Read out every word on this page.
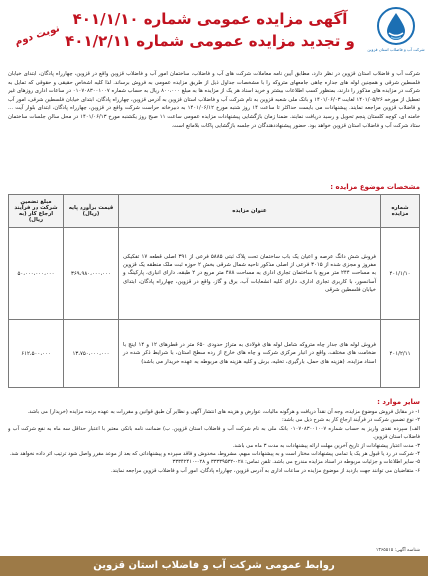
شرکت آب و فاضلاب استان قزوین
آگهی مزایده عمومی شماره ۴۰۱/۱/۱۰
و تجدید مزایده عمومی شماره ۴۰۱/۲/۱۱
نوبت دوم
شرکت آب و فاضلاب استان قزوین در نظر دارد، مطابق آیین نامه معاملات شرکت های آب و فاضلاب، ساختمان امور آب و فاضلاب قزوین واقع در قزوین، چهارراه پادگان، ابتدای خیابان فلسطین شرقی و همچنین لوله های جداره چاهی جامعهای متروکه را با مشخصات جداول ذیل از طریق مزایده عمومی به فروش برساند. لذا کلیه اشخاص حقیقی و حقوقی که تمایل به شرکت در مزایده های مذکور را دارند، بمنظور کسب اطلاعات بیشتر و خرید اسناد هر یک از مزایده ها به مبلغ ۸۰۰،۰۰۰ ریال به حساب شماره ۰۱۰۷۰۸۳۰۰۱۰۰۷ در ساعات اداری روزهای غیر تعطیل از مورخه ۱۴۰۱/۰۵/۲۶ لغایت ۱۴۰۱/۰۶/۰۳ و بانک ملی شعبه قزوین به نام شرکت آب و فاضلاب استان قزوین به آدرس قزوین، چهارراه پادگان، ابتدای خیابان فلسطین شرقی، امور آب و فاضلاب قزوین مراجعه نمایند. پیشنهادات می بایست حداکثر تا ساعت ۱۴ روز شنبه مورخ ۱۴۰۱/۰۶/۱۲ به دبیرخانه حراست شرکت واقع در قزوین، چهارراه پادگان، ابتدای بلوار آیت ... خامنه ای، کوچه کلستان پنجم تحویل و رسید دریافت نمایند. ضمنا زمان بازگشایی پیشنهادات مزایده عمومی ساعت ۱۱ صبح روز یکشنبه مورخ ۱۴۰۱/۰۶/۱۳ در محل سالن جلسات ساختمان ستاد شرکت آب و فاضلاب استان قزوین خواهد بود. حضور پیشنهاددهندگان در جلسه بازگشایی پاکات بلامانع است.
مشخصات موضوع مزایده :
شماره مزایده	عنوان مزایده	قیمت برآورد پایه (ریال)	مبلغ تضمین شرکت در فرآیند ارجاع کار (به ریال)
۴۰۱/۱/۱۰	فروش شش دانگ عرصه و اعیان یک باب ساختمان تحت پلاک ثبتی ۵۸۸۵ فرعی از ۳۹۱ اصلی قطعه ۱۷ تفکیکی مفروز و مجزی شده از ۳۰۱۵ فرعی از اصلی مذکور ناحیه شمال شرقی بخش ۲ حوزه ثبت ملک منطقه یک قزوین به مساحت ۲۴۴ متر مربع با ساختمان تجاری اداری به مساحت ۴۸۸ متر مربع در ۲ طبقه، دارای انباری، پارکینگ و آسانسور، با کاربری تجاری اداری، دارای کلیه انشعابات آب، برق و گاز، واقع در قزوین، چهارراه پادگان، ابتدای خیابان فلسطین شرقی	۳۶۹،۹۸۰،۰۰۰،۰۰۰	۵۰،۰۰۰،۰۰۰،۰۰۰
۴۰۱/۲/۱۱	فروش لوله های جدار چاه متروکه شامل لوله های فولادی به متراژ حدودی ۶۵۰ متر در قطرهای ۱۲ و ۱۴ اینچ با ضخامت های مختلف، واقع در انبار مرکزی شرکت و چاه های خارج از رده سطح استان، با شرایط ذکر شده در اسناد مزایده. (هزینه های حمل، بارگیری، تخلیه، برش و کلیه هزینه های مربوطه به عهده خریدار می باشد)	۱۳،۷۵۰،۰۰۰،۰۰۰	۶۱۲،۵۰۰،۰۰۰
سایر موارد :

۱- در مقابل فروش موضوع مزایده، وجه آن نقداً دریافت و هرگونه مالیات، عوارض و هزینه های انتشار آگهی و نظایر آن طبق قوانین و مقررات به عهده برنده مزایده (خریدار) می باشد.

۲- نوع تضمین شرکت در فرآیند ارجاع کار به شرح ذیل می باشد:

الف) سپرده نقدی واریز به حساب شماره ۰۱۰۷۰۸۳۰۰۱۰۰۷ بانک ملی به نام شرکت آب و فاضلاب استان قزوین. ب) ضمانت نامه بانکی معتبر با اعتبار حداقل سه ماه به نفع شرکت آب و فاضلاب استان قزوین.

۳- مدت اعتبار پیشنهادات از تاریخ آخرین مهلت ارائه پیشنهادات به مدت ۳ ماه می باشد.

۴- شرکت در رد یا قبول هر یک یا تمامی پیشنهادات مختار است و به پیشنهادات مبهم، مشروط، مخدوش و فاقد سپرده و پیشنهاداتی که بعد از موعد مقرر واصل شود ترتیب اثر داده نخواهد شد.

۵- سایر اطلاعات و جزئیات مربوطه در اسناد مزایده مندرج می باشد. تلفن تماس: ۰۲۸-۳۳۳۳۹۵۳۲ و ۰۲۸-۳۳۳۴۲۴۱۰

۶- متقاضیان می توانند جهت بازدید از موضوع مزایده در ساعات اداری به آدرس قزوین، چهارراه پادگان، امور آب و فاضلاب قزوین مراجعه نمایند.

شناسه آگهی: ۱۳۶۵۵۱۵
روابط عمومی شرکت آب و فاضلاب استان قزوین
